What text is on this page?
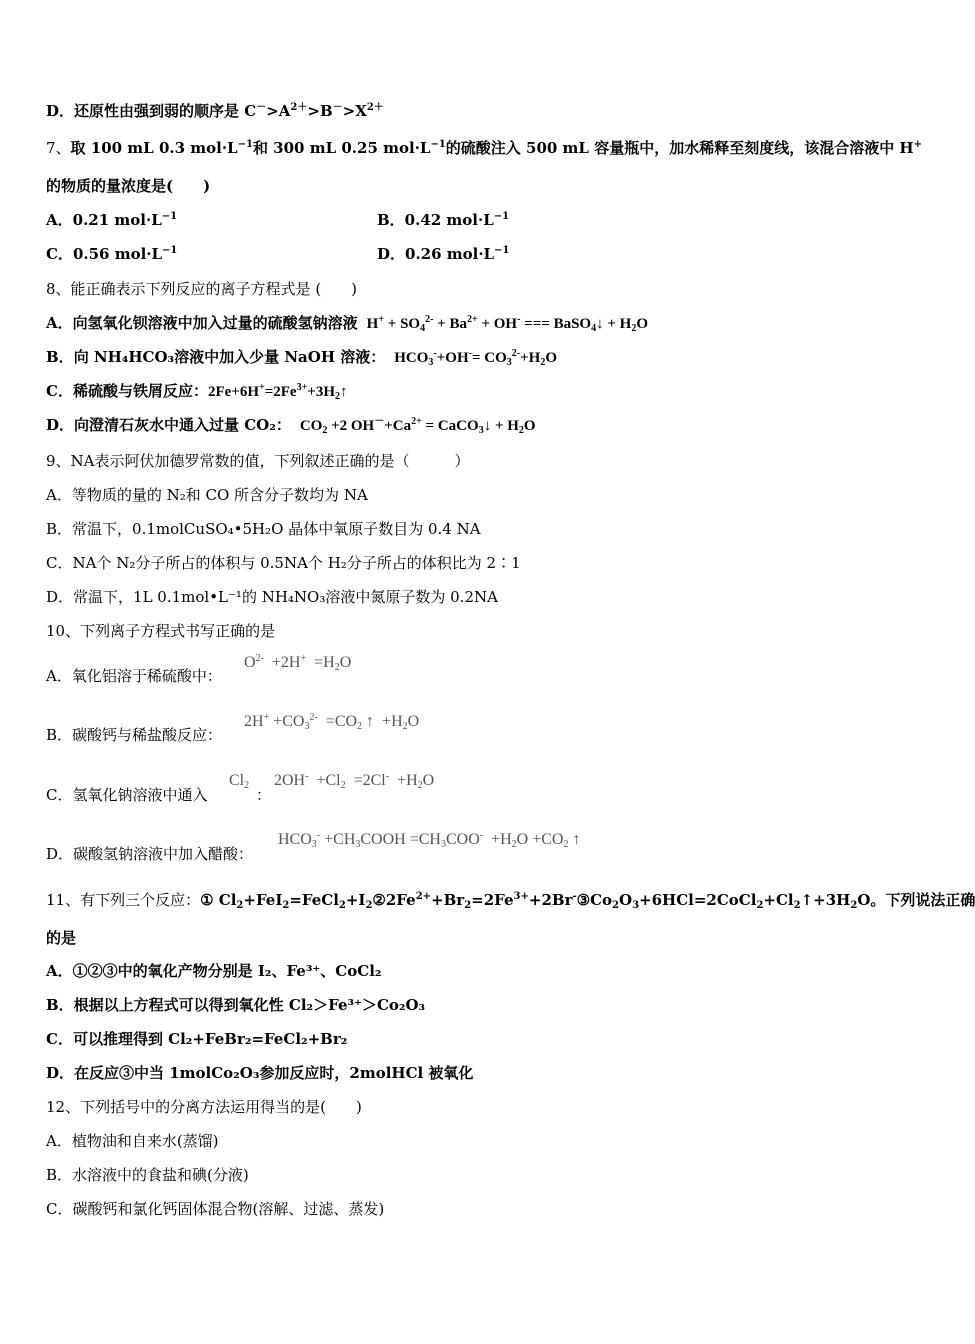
D．还原性由强到弱的顺序是 $C^->A^{2+}>B^->X^{2+}$
7、取 100 mL 0.3 $mol\cdot L^{-1}$和 300 mL 0.25 $mol\cdot L^{-1}$的硫酸注入 500 mL 容量瓶中，加水稀释至刻度线，该混合溶液中 H+
的物质的量浓度是(　　)
A．0.21 $mol\cdot L^{-1}$	B．0.42 $mol\cdot L^{-1}$
C．0.56 $mol\cdot L^{-1}$	D．0.26 $mol\cdot L^{-1}$
8、能正确表示下列反应的离子方程式是 (　　)
A．向氢氧化钡溶液中加入过量的硫酸氢钠溶液  $H^+ + SO_4^{2-} + Ba^{2+} + OH^-$ === BaSO$_4$↓ + $H_2O$
B．向 NH₄HCO₃溶液中加入少量 NaOH 溶液：  $HCO_3^-+OH^-= CO_3^{2-}+H_2O$
C．稀硫酸与铁屑反应：$2Fe+6H^+=2Fe^{3+}+3H_2↑$
D．向澄清石灰水中通入过量 CO₂：  $CO_2 +2$ $OH^-+Ca^{2+}$ = CaCO$_3$↓ + $H_2O$
9、NA表示阿伏加德罗常数的值，下列叙述正确的是（　　　）
A．等物质的量的 N₂和 CO 所含分子数均为 NA
B．常温下，0.1molCuSO₄•5H₂O 晶体中氧原子数目为 0.4 NA
C．NA个 N₂分子所占的体积与 0.5NA个 H₂分子所占的体积比为 2∶1
D．常温下，1L 0.1mol•L⁻¹的 NH₄NO₃溶液中氮原子数为 0.2NA
10、下列离子方程式书写正确的是
A．氧化铝溶于稀硫酸中：
$O^{2-} +2H^+ =H_2O$
B．碳酸钙与稀盐酸反应：
$2H^+ +CO_3^{2-} =CO_2$ ↑  $+H_2O$
C．氢氧化钠溶液中通入
$Cl_2$
：
$2OH^- +Cl_2 =2Cl^- +H_2O$
D．碳酸氢钠溶液中加入醋酸：
$HCO_3^-$ $+CH_3COOH =CH_3COO^- +H_2O +CO_2$ ↑
11、有下列三个反应：① $Cl_2+FeI_2=FeCl_2+I_2②2Fe^{2+}+Br_2=2Fe^{3+}+2Br^-③Co_2O_3+6HCl=2CoCl_2+Cl_2↑+3H_2O$。下列说法正确
的是
A．①②③中的氧化产物分别是 I₂、Fe³⁺、CoCl₂
B．根据以上方程式可以得到氧化性 Cl₂＞Fe³⁺＞Co₂O₃
C．可以推理得到 Cl₂+FeBr₂=FeCl₂+Br₂
D．在反应③中当 1molCo₂O₃参加反应时，2molHCl 被氧化
12、下列括号中的分离方法运用得当的是(　　)
A．植物油和自来水(蒸馏)
B．水溶液中的食盐和碘(分液)
C．碳酸钙和氯化钙固体混合物(溶解、过滤、蒸发)
